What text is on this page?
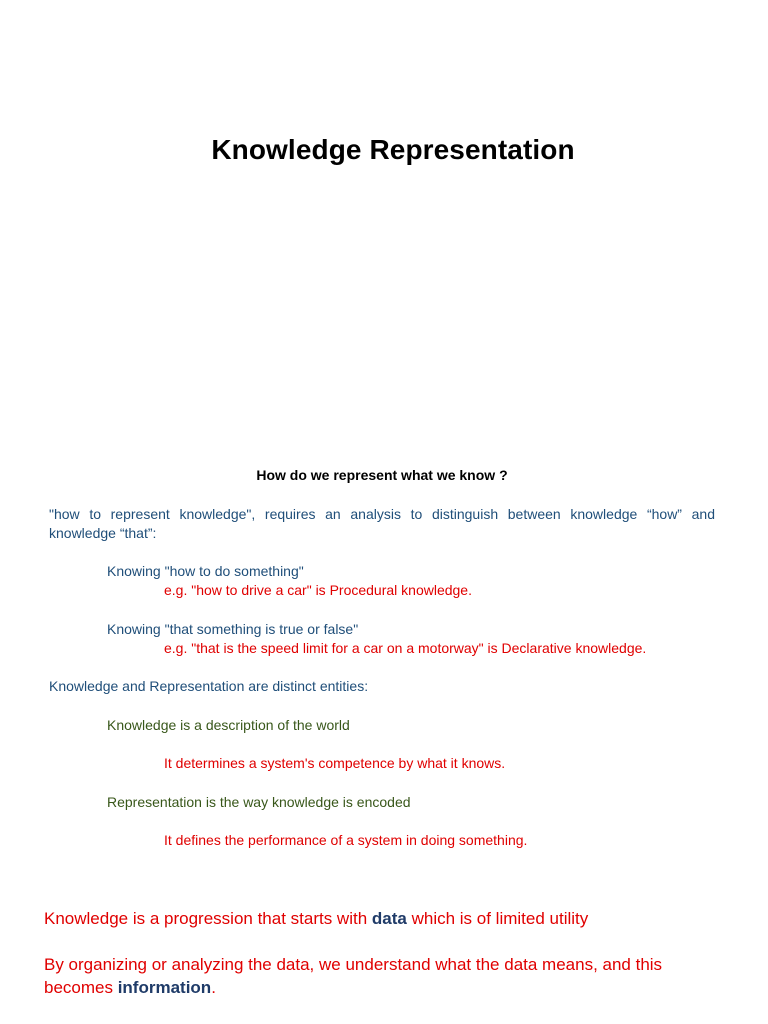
Knowledge Representation
How do we represent what we know ?
"how to represent knowledge", requires an analysis to distinguish between knowledge “how” and knowledge “that”:
Knowing "how to do something"
e.g. "how to drive a car" is Procedural knowledge.
Knowing "that something is true or false"
e.g. "that is the speed limit for a car on a motorway" is Declarative knowledge.
Knowledge and Representation are distinct entities:
Knowledge is a description of the world
It determines a system's competence by what it knows.
Representation is the way knowledge is encoded
It defines the performance of a system in doing something.
Knowledge is a progression that starts with data which is of limited utility
By organizing or analyzing the data, we understand what the data means, and this becomes information.
